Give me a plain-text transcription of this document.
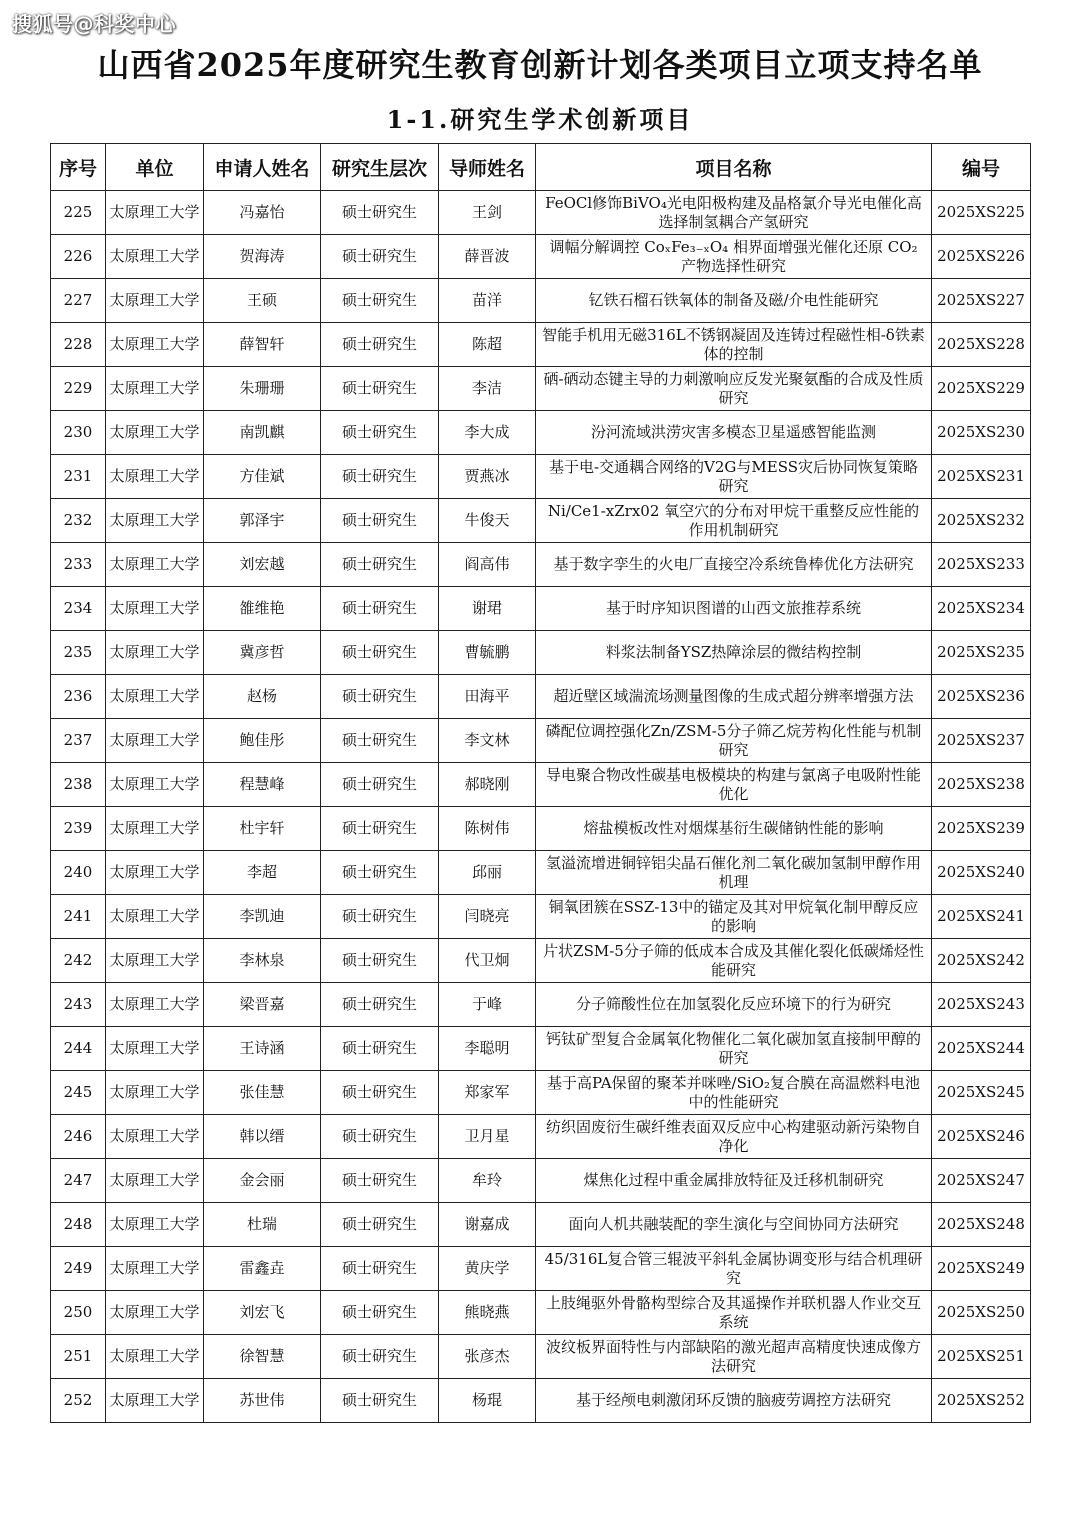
搜狐号@科奖中心
山西省2025年度研究生教育创新计划各类项目立项支持名单
1-1.研究生学术创新项目
序号	单位	申请人姓名	研究生层次	导师姓名	项目名称	编号
225	太原理工大学	冯嘉怡	硕士研究生	王剑	FeOCl修饰BiVO₄光电阳极构建及晶格氯介导光电催化高选择制氢耦合产氢研究	2025XS225
226	太原理工大学	贺海涛	硕士研究生	薛晋波	调幅分解调控 CoₓFe₃₋ₓO₄ 相界面增强光催化还原 CO₂ 产物选择性研究	2025XS226
227	太原理工大学	王硕	硕士研究生	苗洋	钇铁石榴石铁氧体的制备及磁/介电性能研究	2025XS227
228	太原理工大学	薛智轩	硕士研究生	陈超	智能手机用无磁316L不锈钢凝固及连铸过程磁性相-δ铁素体的控制	2025XS228
229	太原理工大学	朱珊珊	硕士研究生	李洁	硒-硒动态键主导的力刺激响应反发光聚氨酯的合成及性质研究	2025XS229
230	太原理工大学	南凯麒	硕士研究生	李大成	汾河流域洪涝灾害多模态卫星遥感智能监测	2025XS230
231	太原理工大学	方佳斌	硕士研究生	贾燕冰	基于电-交通耦合网络的V2G与MESS灾后协同恢复策略研究	2025XS231
232	太原理工大学	郭泽宇	硕士研究生	牛俊天	Ni/Ce1-xZrx02 氧空穴的分布对甲烷干重整反应性能的作用机制研究	2025XS232
233	太原理工大学	刘宏越	硕士研究生	阎高伟	基于数字孪生的火电厂直接空冷系统鲁棒优化方法研究	2025XS233
234	太原理工大学	雒维艳	硕士研究生	谢珺	基于时序知识图谱的山西文旅推荐系统	2025XS234
235	太原理工大学	冀彦哲	硕士研究生	曹毓鹏	料浆法制备YSZ热障涂层的微结构控制	2025XS235
236	太原理工大学	赵杨	硕士研究生	田海平	超近壁区域湍流场测量图像的生成式超分辨率增强方法	2025XS236
237	太原理工大学	鲍佳彤	硕士研究生	李文林	磷配位调控强化Zn/ZSM-5分子筛乙烷芳构化性能与机制研究	2025XS237
238	太原理工大学	程慧峰	硕士研究生	郝晓刚	导电聚合物改性碳基电极模块的构建与氯离子电吸附性能优化	2025XS238
239	太原理工大学	杜宇轩	硕士研究生	陈树伟	熔盐模板改性对烟煤基衍生碳储钠性能的影响	2025XS239
240	太原理工大学	李超	硕士研究生	邱丽	氢溢流增进铜锌铝尖晶石催化剂二氧化碳加氢制甲醇作用机理	2025XS240
241	太原理工大学	李凯迪	硕士研究生	闫晓亮	铜氧团簇在SSZ-13中的锚定及其对甲烷氧化制甲醇反应的影响	2025XS241
242	太原理工大学	李林泉	硕士研究生	代卫炯	片状ZSM-5分子筛的低成本合成及其催化裂化低碳烯烃性能研究	2025XS242
243	太原理工大学	梁晋嘉	硕士研究生	于峰	分子筛酸性位在加氢裂化反应环境下的行为研究	2025XS243
244	太原理工大学	王诗涵	硕士研究生	李聪明	钙钛矿型复合金属氧化物催化二氧化碳加氢直接制甲醇的研究	2025XS244
245	太原理工大学	张佳慧	硕士研究生	郑家军	基于高PA保留的聚苯并咪唑/SiO₂复合膜在高温燃料电池中的性能研究	2025XS245
246	太原理工大学	韩以缙	硕士研究生	卫月星	纺织固废衍生碳纤维表面双反应中心构建驱动新污染物自净化	2025XS246
247	太原理工大学	金会丽	硕士研究生	牟玲	煤焦化过程中重金属排放特征及迁移机制研究	2025XS247
248	太原理工大学	杜瑞	硕士研究生	谢嘉成	面向人机共融装配的孪生演化与空间协同方法研究	2025XS248
249	太原理工大学	雷鑫垚	硕士研究生	黄庆学	45/316L复合管三辊波平斜轧金属协调变形与结合机理研究	2025XS249
250	太原理工大学	刘宏飞	硕士研究生	熊晓燕	上肢绳驱外骨骼构型综合及其遥操作并联机器人作业交互系统	2025XS250
251	太原理工大学	徐智慧	硕士研究生	张彦杰	波纹板界面特性与内部缺陷的激光超声高精度快速成像方法研究	2025XS251
252	太原理工大学	苏世伟	硕士研究生	杨琨	基于经颅电刺激闭环反馈的脑疲劳调控方法研究	2025XS252
